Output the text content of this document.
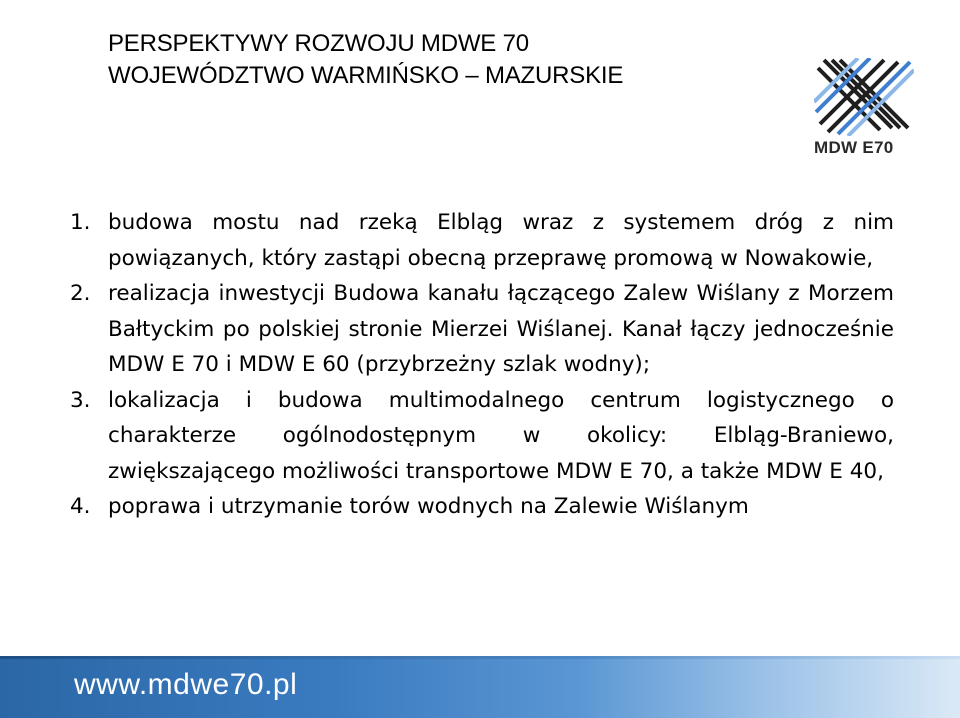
PERSPEKTYWY ROZWOJU MDWE 70
WOJEWÓDZTWO WARMIŃSKO – MAZURSKIE
MDW E70
1. budowa mostu nad rzeką Elbląg wraz z systemem dróg z nim powiązanych, który zastąpi obecną przeprawę promową w Nowakowie,
2. realizacja inwestycji Budowa kanału łączącego Zalew Wiślany z Morzem Bałtyckim po polskiej stronie Mierzei Wiślanej. Kanał łączy jednocześnie MDW E 70 i MDW E 60 (przybrzeżny szlak wodny);
3. lokalizacja i budowa multimodalnego centrum logistycznego o charakterze ogólnodostępnym w okolicy: Elbląg-Braniewo, zwiększającego możliwości transportowe MDW E 70, a także MDW E 40,
4. poprawa i utrzymanie torów wodnych na Zalewie Wiślanym
www.mdwe70.pl
